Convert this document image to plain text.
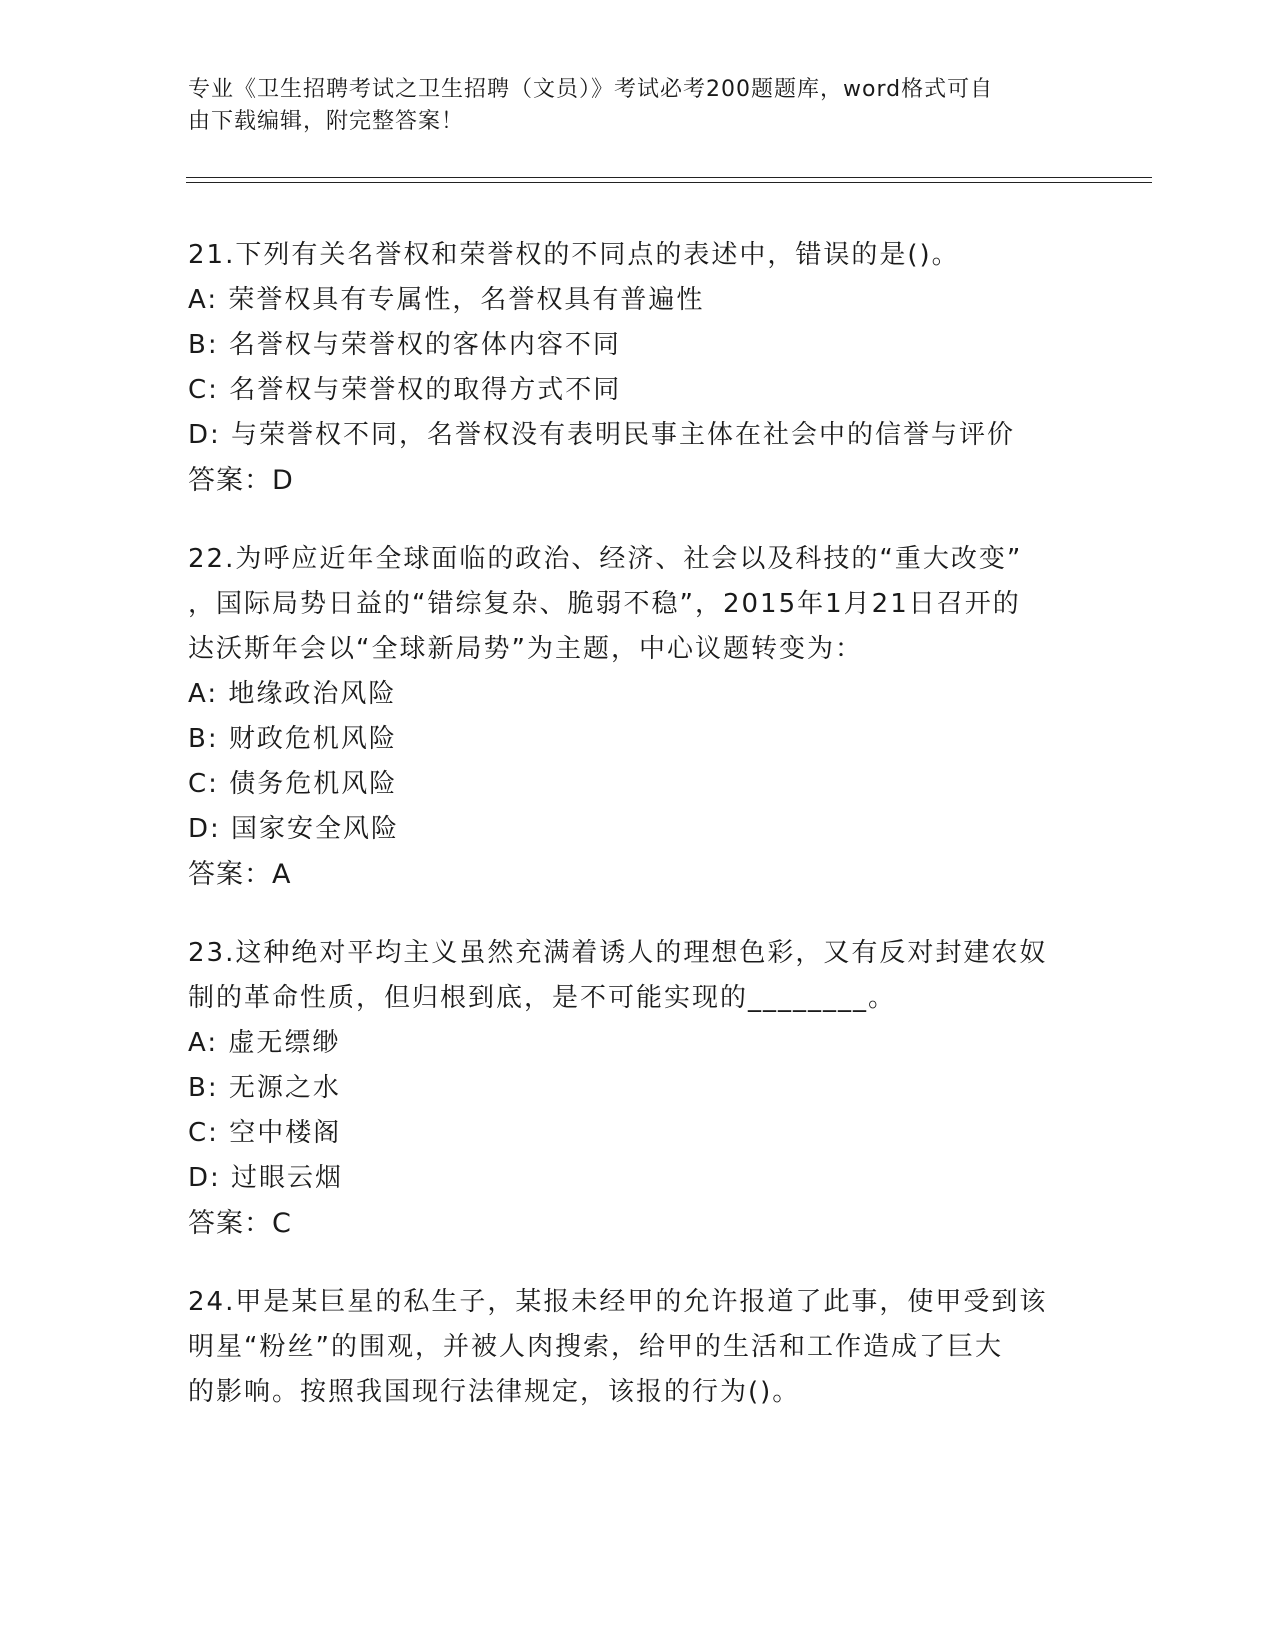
专业《卫生招聘考试之卫生招聘（文员）》考试必考200题题库，word格式可自
由下载编辑，附完整答案！
21.下列有关名誉权和荣誉权的不同点的表述中，错误的是()。
A: 荣誉权具有专属性，名誉权具有普遍性
B: 名誉权与荣誉权的客体内容不同
C: 名誉权与荣誉权的取得方式不同
D: 与荣誉权不同，名誉权没有表明民事主体在社会中的信誉与评价
答案：D
22.为呼应近年全球面临的政治、经济、社会以及科技的“重大改变”
，国际局势日益的“错综复杂、脆弱不稳”，2015年1月21日召开的
达沃斯年会以“全球新局势”为主题，中心议题转变为：
A: 地缘政治风险
B: 财政危机风险
C: 债务危机风险
D: 国家安全风险
答案：A
23.这种绝对平均主义虽然充满着诱人的理想色彩，又有反对封建农奴
制的革命性质，但归根到底，是不可能实现的________。
A: 虚无缥缈
B: 无源之水
C: 空中楼阁
D: 过眼云烟
答案：C
24.甲是某巨星的私生子，某报未经甲的允许报道了此事，使甲受到该
明星“粉丝”的围观，并被人肉搜索，给甲的生活和工作造成了巨大
的影响。按照我国现行法律规定，该报的行为()。
